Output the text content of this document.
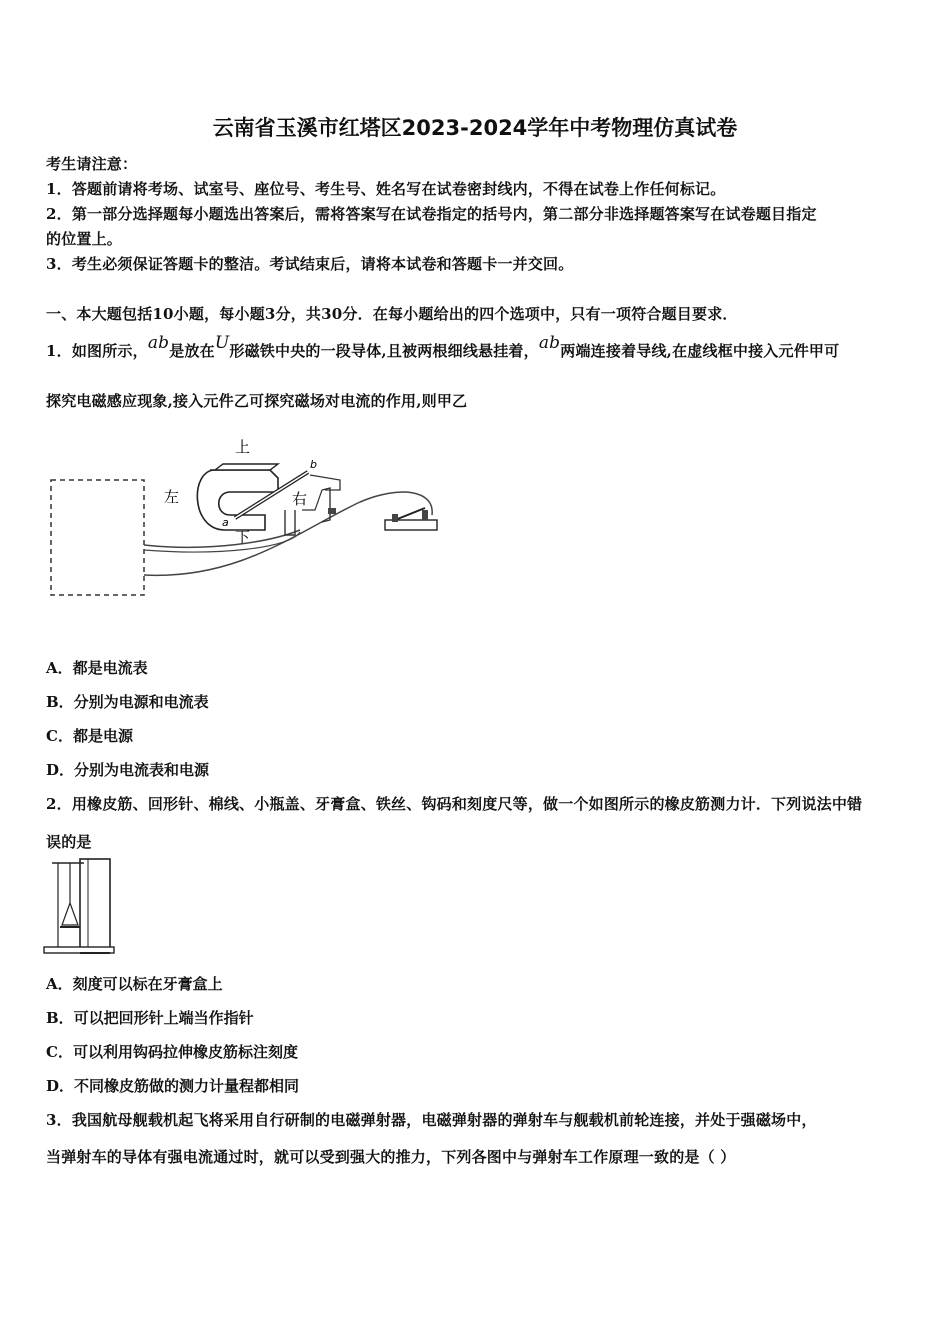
云南省玉溪市红塔区2023-2024学年中考物理仿真试卷
考生请注意：
1．答题前请将考场、试室号、座位号、考生号、姓名写在试卷密封线内，不得在试卷上作任何标记。
2．第一部分选择题每小题选出答案后，需将答案写在试卷指定的括号内，第二部分非选择题答案写在试卷题目指定
的位置上。
3．考生必须保证答题卡的整洁。考试结束后，请将本试卷和答题卡一并交回。
一、本大题包括10小题，每小题3分，共30分．在每小题给出的四个选项中，只有一项符合题目要求．
1．如图所示，ab是放在U形磁铁中央的一段导体,且被两根细线悬挂着，ab两端连接着导线,在虚线框中接入元件甲可
探究电磁感应现象,接入元件乙可探究磁场对电流的作用,则甲乙
上
下
左	右
a
b
A．都是电流表
B．分别为电源和电流表
C．都是电源
D．分别为电流表和电源
2．用橡皮筋、回形针、棉线、小瓶盖、牙膏盒、铁丝、钩码和刻度尺等，做一个如图所示的橡皮筋测力计．下列说法中错
误的是
A．刻度可以标在牙膏盒上
B．可以把回形针上端当作指针
C．可以利用钩码拉伸橡皮筋标注刻度
D．不同橡皮筋做的测力计量程都相同
3．我国航母舰载机起飞将采用自行研制的电磁弹射器，电磁弹射器的弹射车与舰载机前轮连接，并处于强磁场中，
当弹射车的导体有强电流通过时，就可以受到强大的推力，下列各图中与弹射车工作原理一致的是（ ）
